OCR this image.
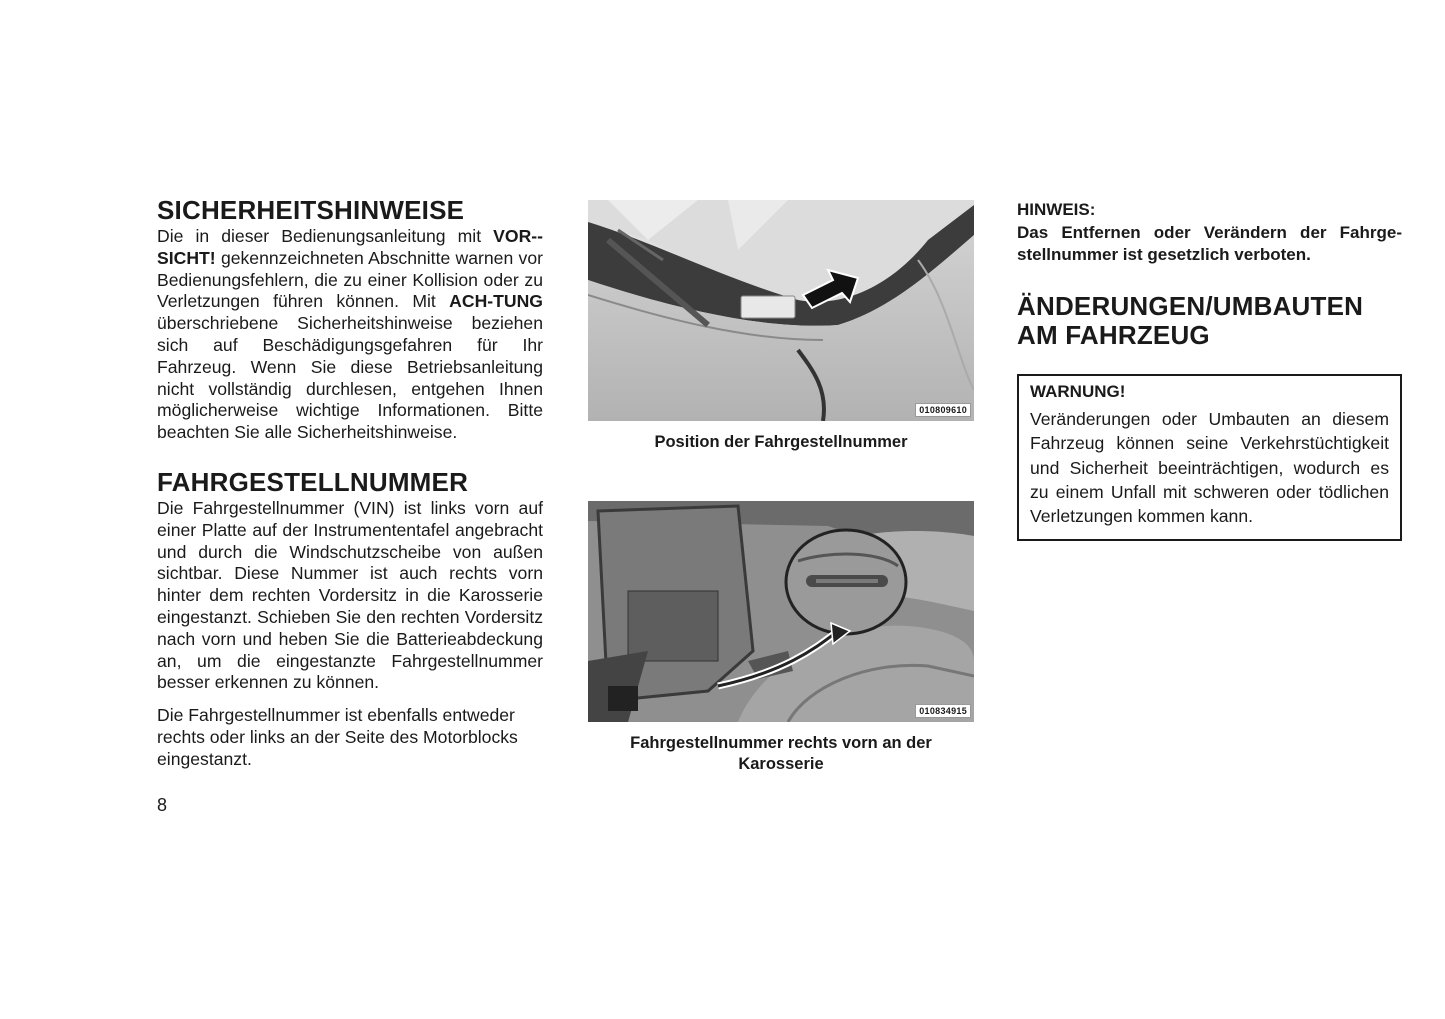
SICHERHEITSHINWEISE

Die in dieser Bedienungsanleitung mit VOR-SICHT! gekennzeichneten Abschnitte warnen vor Bedienungsfehlern, die zu einer Kollision oder zu Verletzungen führen können. Mit ACH-TUNG überschriebene Sicherheitshinweise beziehen sich auf Beschädigungsgefahren für Ihr Fahrzeug. Wenn Sie diese Betriebsanleitung nicht vollständig durchlesen, entgehen Ihnen möglicherweise wichtige Informationen. Bitte beachten Sie alle Sicherheitshinweise.

FAHRGESTELLNUMMER

Die Fahrgestellnummer (VIN) ist links vorn auf einer Platte auf der Instrumententafel angebracht und durch die Windschutzscheibe von außen sichtbar. Diese Nummer ist auch rechts vorn hinter dem rechten Vordersitz in die Karosserie eingestanzt. Schieben Sie den rechten Vordersitz nach vorn und heben Sie die Batterieabdeckung an, um die eingestanzte Fahrgestellnummer besser erkennen zu können.

Die Fahrgestellnummer ist ebenfalls entweder rechts oder links an der Seite des Motorblocks eingestanzt.

010809610
Position der Fahrgestellnummer
010834915
Fahrgestellnummer rechts vorn an der Karosserie
HINWEIS:
Das Entfernen oder Verändern der Fahrgestellnummer ist gesetzlich verboten.
ÄNDERUNGEN/UMBAUTEN AM FAHRZEUG
WARNUNG!
Veränderungen oder Umbauten an diesem Fahrzeug können seine Verkehrstüchtigkeit und Sicherheit beeinträchtigen, wodurch es zu einem Unfall mit schweren oder tödlichen Verletzungen kommen kann.
8
